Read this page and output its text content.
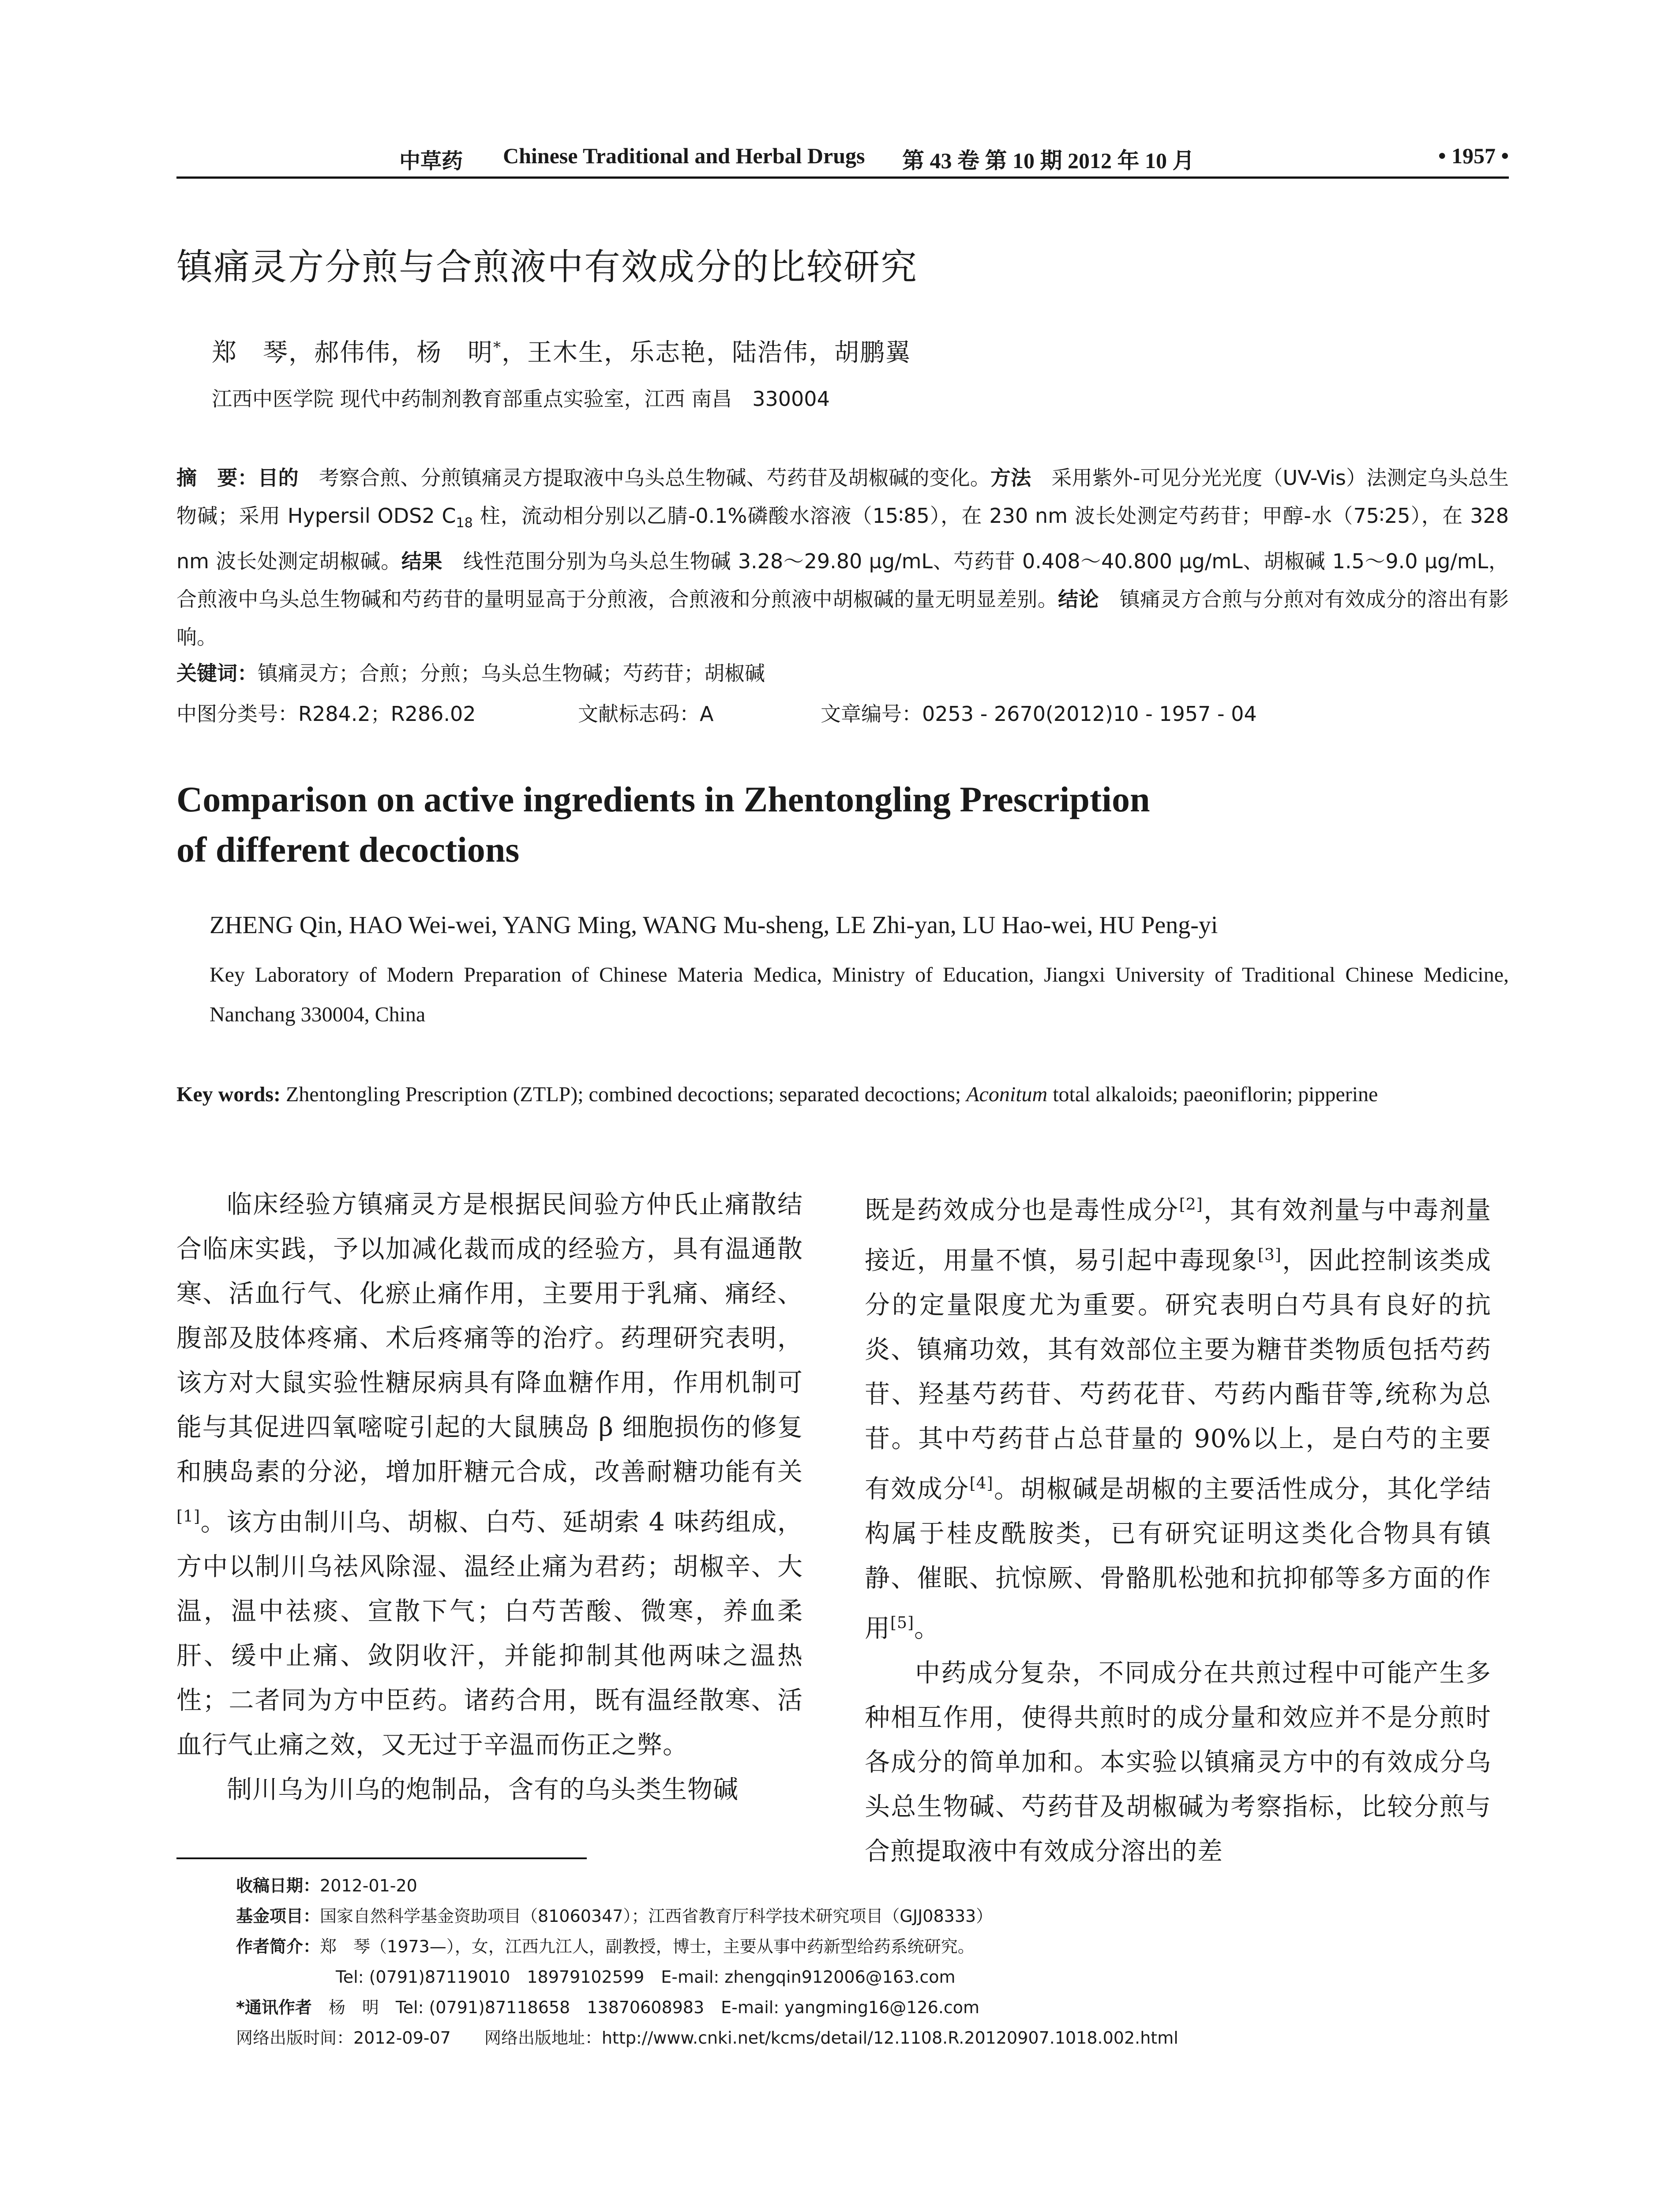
中草药 Chinese Traditional and Herbal Drugs 第 43 卷 第 10 期 2012 年 10 月	• 1957 •
镇痛灵方分煎与合煎液中有效成分的比较研究
郑　琴，郝伟伟，杨　明*，王木生，乐志艳，陆浩伟，胡鹏翼
江西中医学院 现代中药制剂教育部重点实验室，江西 南昌　330004
摘　要：目的　考察合煎、分煎镇痛灵方提取液中乌头总生物碱、芍药苷及胡椒碱的变化。方法　采用紫外-可见分光光度（UV-Vis）法测定乌头总生物碱；采用 Hypersil ODS2 $C_{18}$ 柱，流动相分别以乙腈-0.1%磷酸水溶液（15∶85），在 230 nm 波长处测定芍药苷；甲醇-水（75∶25），在 328 nm 波长处测定胡椒碱。结果　线性范围分别为乌头总生物碱 3.28～29.80 μg/mL、芍药苷 0.408～40.800 μg/mL、胡椒碱 1.5～9.0 μg/mL，合煎液中乌头总生物碱和芍药苷的量明显高于分煎液，合煎液和分煎液中胡椒碱的量无明显差别。结论　镇痛灵方合煎与分煎对有效成分的溶出有影响。
关键词：镇痛灵方；合煎；分煎；乌头总生物碱；芍药苷；胡椒碱
中图分类号：R284.2；R286.02	文献标志码：A	文章编号：0253 - 2670(2012)10 - 1957 - 04
Comparison on active ingredients in Zhentongling Prescription
of different decoctions
ZHENG Qin, HAO Wei-wei, YANG Ming, WANG Mu-sheng, LE Zhi-yan, LU Hao-wei, HU Peng-yi
Key Laboratory of Modern Preparation of Chinese Materia Medica, Ministry of Education, Jiangxi University of Traditional Chinese Medicine, Nanchang 330004, China
Key words: Zhentongling Prescription (ZTLP); combined decoctions; separated decoctions; Aconitum total alkaloids; paeoniflorin; pipperine

临床经验方镇痛灵方是根据民间验方仲氏止痛散结合临床实践，予以加减化裁而成的经验方，具有温通散寒、活血行气、化瘀止痛作用，主要用于乳痛、痛经、腹部及肢体疼痛、术后疼痛等的治疗。药理研究表明，该方对大鼠实验性糖尿病具有降血糖作用，作用机制可能与其促进四氧嘧啶引起的大鼠胰岛 β 细胞损伤的修复和胰岛素的分泌，增加肝糖元合成，改善耐糖功能有关[1]。该方由制川乌、胡椒、白芍、延胡索 4 味药组成，方中以制川乌祛风除湿、温经止痛为君药；胡椒辛、大温，温中祛痰、宣散下气；白芍苦酸、微寒，养血柔肝、缓中止痛、敛阴收汗，并能抑制其他两味之温热性；二者同为方中臣药。诸药合用，既有温经散寒、活血行气止痛之效，又无过于辛温而伤正之弊。

制川乌为川乌的炮制品，含有的乌头类生物碱

既是药效成分也是毒性成分[2]，其有效剂量与中毒剂量接近，用量不慎，易引起中毒现象[3]，因此控制该类成分的定量限度尤为重要。研究表明白芍具有良好的抗炎、镇痛功效，其有效部位主要为糖苷类物质包括芍药苷、羟基芍药苷、芍药花苷、芍药内酯苷等,统称为总苷。其中芍药苷占总苷量的 90%以上，是白芍的主要有效成分[4]。胡椒碱是胡椒的主要活性成分，其化学结构属于桂皮酰胺类，已有研究证明这类化合物具有镇静、催眠、抗惊厥、骨骼肌松弛和抗抑郁等多方面的作用[5]。

中药成分复杂，不同成分在共煎过程中可能产生多种相互作用，使得共煎时的成分量和效应并不是分煎时各成分的简单加和。本实验以镇痛灵方中的有效成分乌头总生物碱、芍药苷及胡椒碱为考察指标，比较分煎与合煎提取液中有效成分溶出的差

收稿日期：2012-01-20
基金项目：国家自然科学基金资助项目（81060347）；江西省教育厅科学技术研究项目（GJJ08333）
作者简介：郑　琴（1973—），女，江西九江人，副教授，博士，主要从事中药新型给药系统研究。
Tel: (0791)87119010　18979102599　E-mail: zhengqin912006@163.com
*通讯作者　杨　明　Tel: (0791)87118658　13870608983　E-mail: yangming16@126.com
网络出版时间：2012-09-07　　网络出版地址：http://www.cnki.net/kcms/detail/12.1108.R.20120907.1018.002.html
